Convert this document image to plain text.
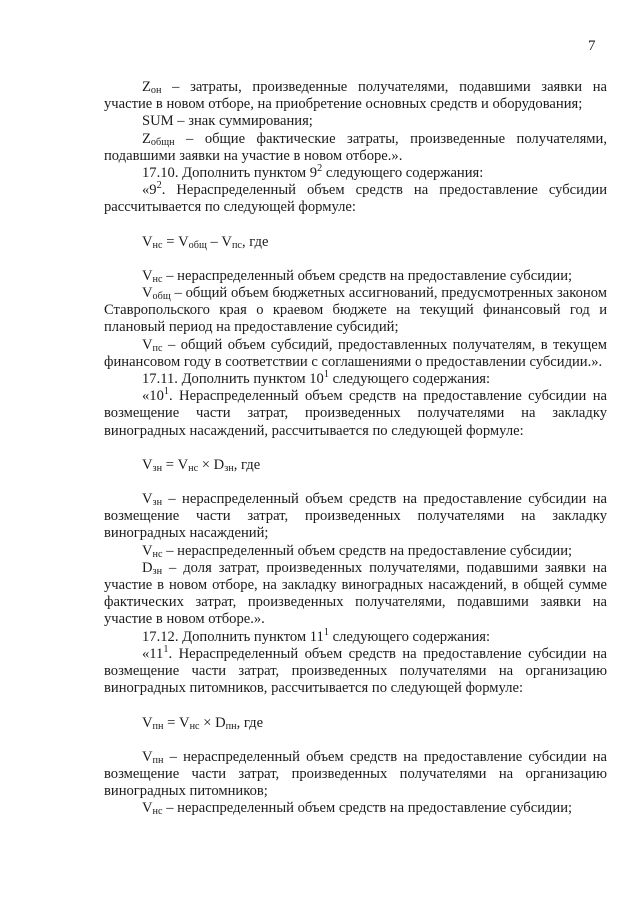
7

$Z_{он}$ – затраты, произведенные получателями, подавшими заявки на участие в новом отборе, на приобретение основных средств и оборудования;

SUM – знак суммирования;

$Z_{общн}$ – общие фактические затраты, произведенные получателями, подавшими заявки на участие в новом отборе.».

17.10. Дополнить пунктом $9^2$ следующего содержания:

«$9^2$. Нераспределенный объем средств на предоставление субсидии рассчитывается по следующей формуле:

$V_{нс} = V_{общ} - V_{пс}$, где

$V_{нс}$ – нераспределенный объем средств на предоставление субсидии;

$V_{общ}$ – общий объем бюджетных ассигнований, предусмотренных законом Ставропольского края о краевом бюджете на текущий финансовый год и плановый период на предоставление субсидий;

$V_{пс}$ – общий объем субсидий, предоставленных получателям, в текущем финансовом году в соответствии с соглашениями о предоставлении субсидии.».

17.11. Дополнить пунктом $10^1$ следующего содержания:

«$10^1$. Нераспределенный объем средств на предоставление субсидии на возмещение части затрат, произведенных получателями на закладку виноградных насаждений, рассчитывается по следующей формуле:

$V_{зн} = V_{нс} \times D_{зн}$, где

$V_{зн}$ – нераспределенный объем средств на предоставление субсидии на возмещение части затрат, произведенных получателями на закладку виноградных насаждений;

$V_{нс}$ – нераспределенный объем средств на предоставление субсидии;

$D_{зн}$ – доля затрат, произведенных получателями, подавшими заявки на участие в новом отборе, на закладку виноградных насаждений, в общей сумме фактических затрат, произведенных получателями, подавшими заявки на участие в новом отборе.».

17.12. Дополнить пунктом $11^1$ следующего содержания:

«$11^1$. Нераспределенный объем средств на предоставление субсидии на возмещение части затрат, произведенных получателями на организацию виноградных питомников, рассчитывается по следующей формуле:

$V_{пн} = V_{нс} \times D_{пн}$, где

$V_{пн}$ – нераспределенный объем средств на предоставление субсидии на возмещение части затрат, произведенных получателями на организацию виноградных питомников;

$V_{нс}$ – нераспределенный объем средств на предоставление субсидии;
